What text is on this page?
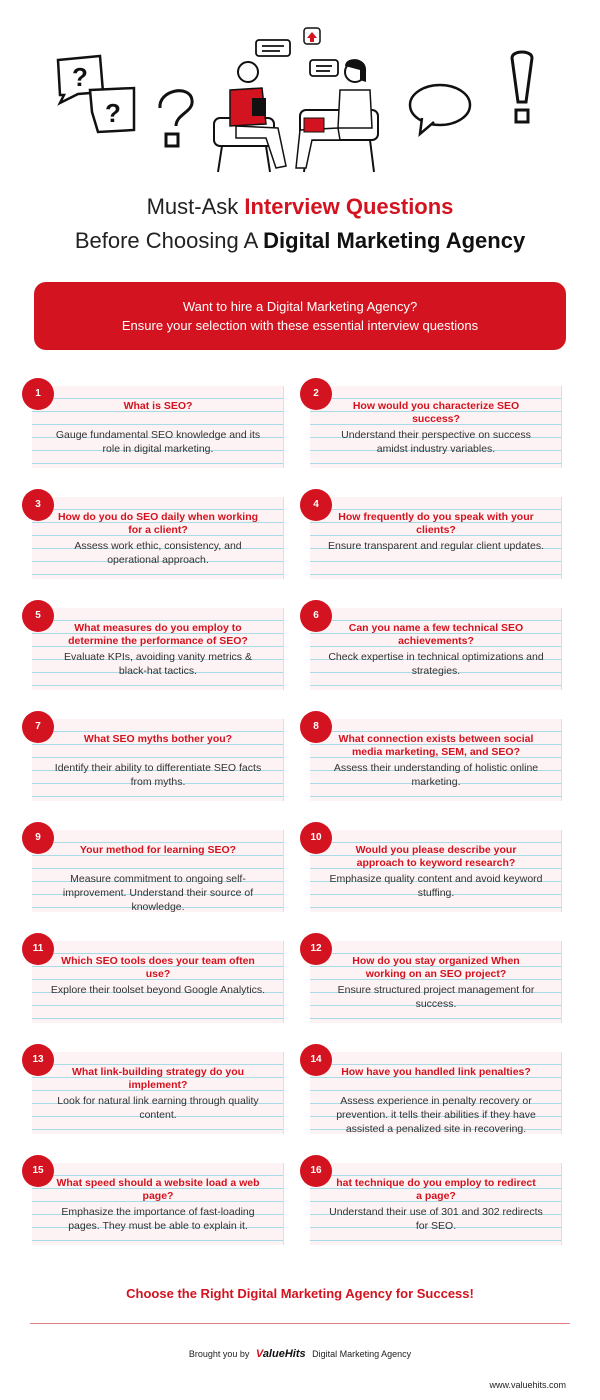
?
?
Must-Ask Interview Questions
Before Choosing A Digital Marketing Agency
Want to hire a Digital Marketing Agency?
Ensure your selection with these essential interview questions
1
What is SEO?
Gauge fundamental SEO knowledge and its role in digital marketing.
2
How would you characterize SEO success?
Understand their perspective on success amidst industry variables.
3
How do you do SEO daily when working for a client?
Assess work ethic, consistency, and operational approach.
4
How frequently do you speak with your clients?
Ensure transparent and regular client updates.
5
What measures do you employ to determine the performance of SEO?
Evaluate KPIs, avoiding vanity metrics & black-hat tactics.
6
Can you name a few technical SEO achievements?
Check expertise in technical optimizations and strategies.
7
What SEO myths bother you?
Identify their ability to differentiate SEO facts from myths.
8
What connection exists between social media marketing, SEM, and SEO?
Assess their understanding of holistic online marketing.
9
Your method for learning SEO?
Measure commitment to ongoing self-improvement. Understand their source of knowledge.
10
Would you please describe your approach to keyword research?
Emphasize quality content and avoid keyword stuffing.
11
Which SEO tools does your team often use?
Explore their toolset beyond Google Analytics.
12
How do you stay organized When working on an SEO project?
Ensure structured project management for success.
13
What link-building strategy do you implement?
Look for natural link earning through quality content.
14
How have you handled link penalties?
Assess experience in penalty recovery or prevention. it tells their abilities if they have assisted a penalized site in recovering.
15
What speed should a website load a web page?
Emphasize the importance of fast-loading pages. They must be able to explain it.
16
hat technique do you employ to redirect a page?
Understand their use of 301 and 302 redirects for SEO.
Choose the Right Digital Marketing Agency for Success!
Brought you by ValueHits Digital Marketing Agency
www.valuehits.com
